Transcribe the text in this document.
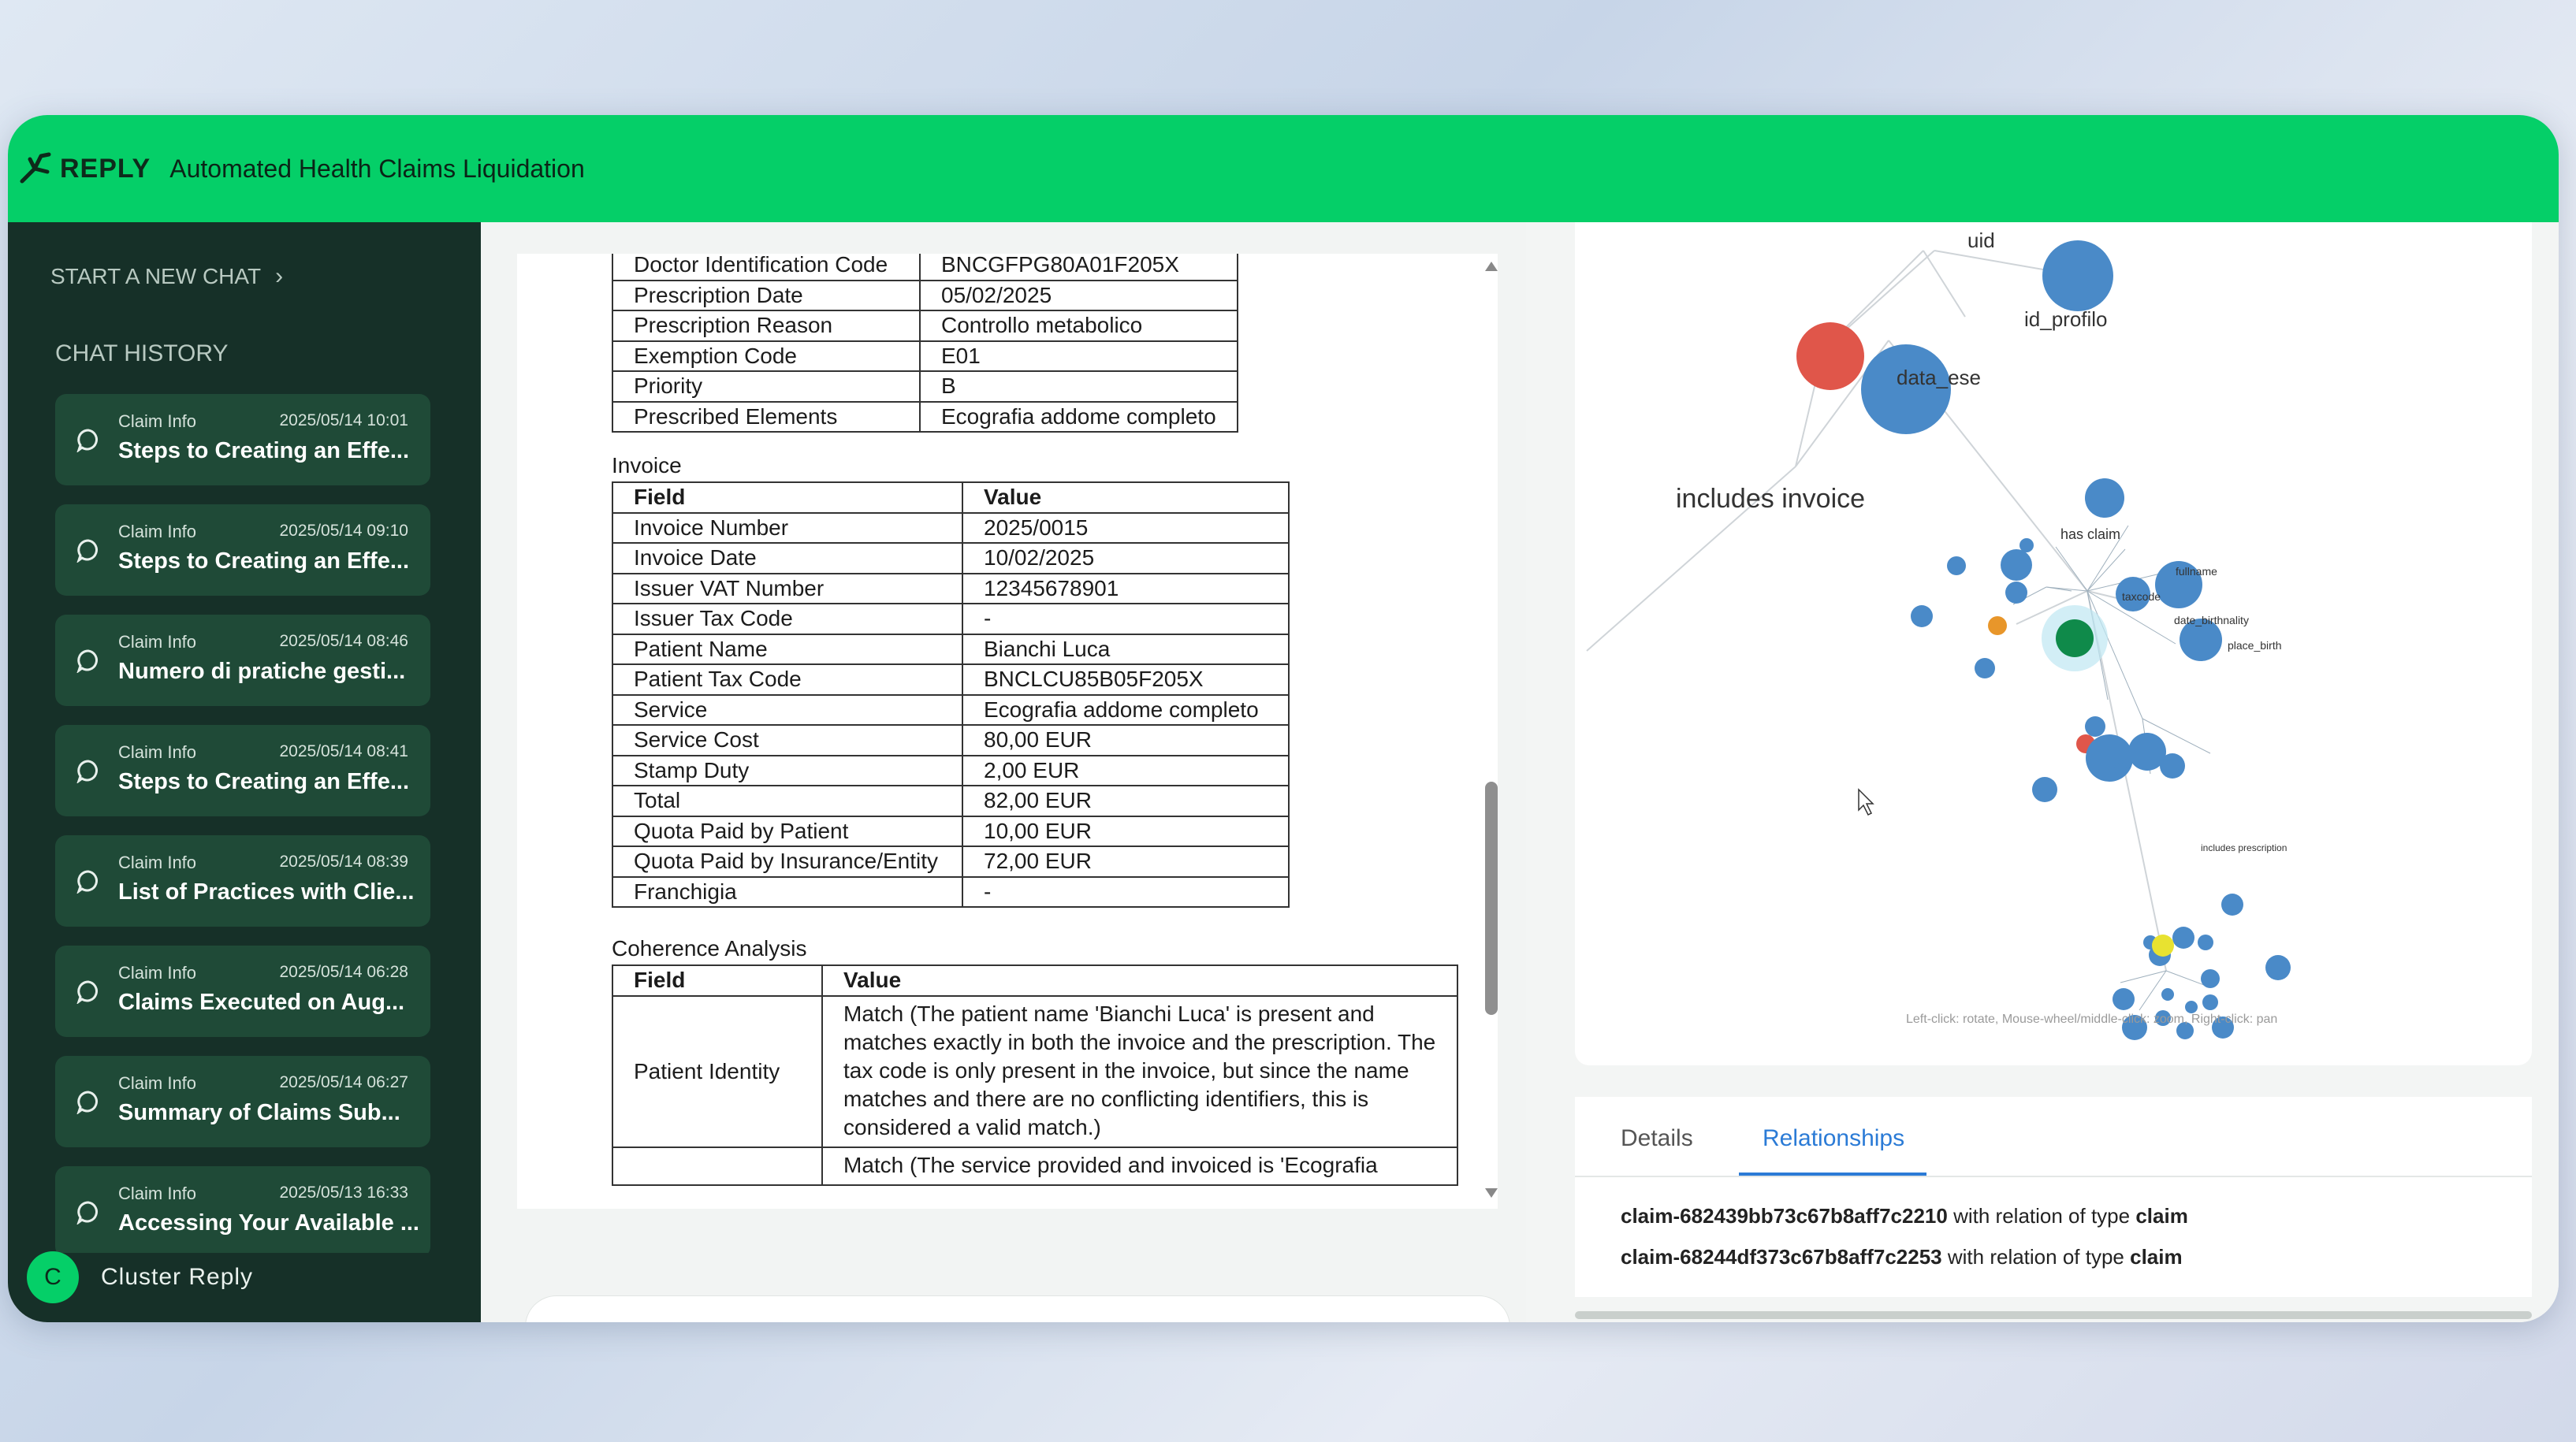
REPLY Automated Health Claims Liquidation
START A NEW CHAT ›
CHAT HISTORY
Claim Info	2025/05/14 10:01
Steps to Creating an Effe...
Claim Info	2025/05/14 09:10
Steps to Creating an Effe...
Claim Info	2025/05/14 08:46
Numero di pratiche gesti...
Claim Info	2025/05/14 08:41
Steps to Creating an Effe...
Claim Info	2025/05/14 08:39
List of Practices with Clie...
Claim Info	2025/05/14 06:28
Claims Executed on Aug...
Claim Info	2025/05/14 06:27
Summary of Claims Sub...
Claim Info	2025/05/13 16:33
Accessing Your Available ...
C	Cluster Reply
Doctor Identification Code	BNCGFPG80A01F205X
Prescription Date	05/02/2025
Prescription Reason	Controllo metabolico
Exemption Code	E01
Priority	B
Prescribed Elements	Ecografia addome completo
Invoice
Field	Value
Invoice Number	2025/0015
Invoice Date	10/02/2025
Issuer VAT Number	12345678901
Issuer Tax Code	-
Patient Name	Bianchi Luca
Patient Tax Code	BNCLCU85B05F205X
Service	Ecografia addome completo
Service Cost	80,00 EUR
Stamp Duty	2,00 EUR
Total	82,00 EUR
Quota Paid by Patient	10,00 EUR
Quota Paid by Insurance/Entity	72,00 EUR
Franchigia	-
Coherence Analysis
Field	Value
Patient Identity	Match (The patient name 'Bianchi Luca' is present and matches exactly in both the invoice and the prescription. The tax code is only present in the invoice, but since the name matches and there are no conflicting identifiers, this is considered a valid match.)
	Match (The service provided and invoiced is 'Ecografia
uid
id_profilo
data_ese
includes invoice
has claim
fullname
taxcode
place_birth
date_birthnality
includes prescription
Left-click: rotate, Mouse-wheel/middle-click: zoom, Right-click: pan
Details	Relationships
claim-682439bb73c67b8aff7c2210 with relation of type claim
claim-68244df373c67b8aff7c2253 with relation of type claim
